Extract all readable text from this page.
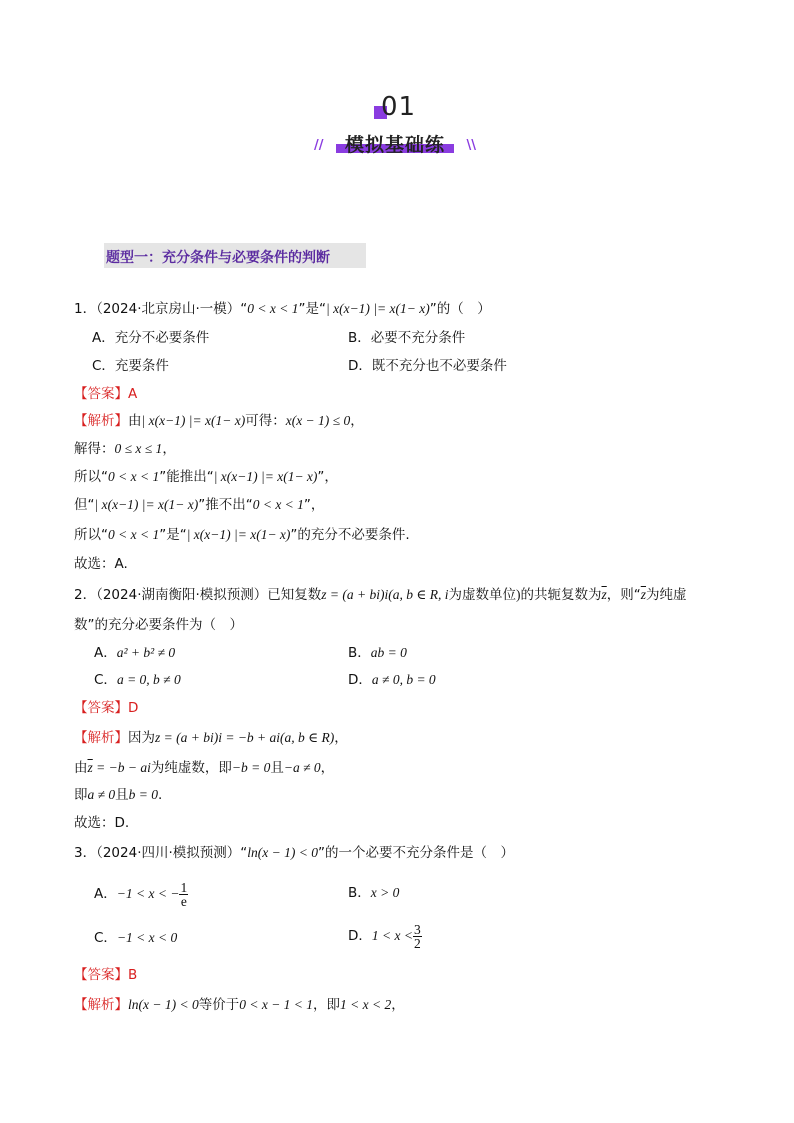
01
//	模拟基础练	\\
题型一：充分条件与必要条件的判断
1．（2024·北京房山·一模）“0 < x < 1”是“| x(x−1) |= x(1− x)”的（　）
A．充分不必要条件	B．必要不充分条件
C．充要条件	D．既不充分也不必要条件
【答案】A
【解析】由| x(x−1) |= x(1− x)可得：x(x − 1) ≤ 0，
解得：0 ≤ x ≤ 1，
所以“0 < x < 1”能推出“| x(x−1) |= x(1− x)”，
但“| x(x−1) |= x(1− x)”推不出“0 < x < 1”，
所以“0 < x < 1”是“| x(x−1) |= x(1− x)”的充分不必要条件.
故选：A.
2．（2024·湖南衡阳·模拟预测）已知复数z = (a + bi)i(a, b ∈ R, i为虚数单位)的共轭复数为$\overline{z}$，则“$\overline{z}$为纯虚
数”的充分必要条件为（　）
A．a² + b² ≠ 0	B．ab = 0
C．a = 0, b ≠ 0	D．a ≠ 0, b = 0
【答案】D
【解析】因为z = (a + bi)i = −b + ai(a, b ∈ R)，
由$\overline{z} = -b$ − ai为纯虚数，即−b = 0且−a ≠ 0，
即a ≠ 0且b = 0.
故选：D.
3．（2024·四川·模拟预测）“ln(x − 1) < 0”的一个必要不充分条件是（　）
A．−1 < x < − $\frac{1}{e}$	B．x > 0
C．−1 < x < 0	D．$1 < x < \frac{3}{2}$
【答案】B
【解析】ln(x − 1) < 0等价于0 < x − 1 < 1，即1 < x < 2，
